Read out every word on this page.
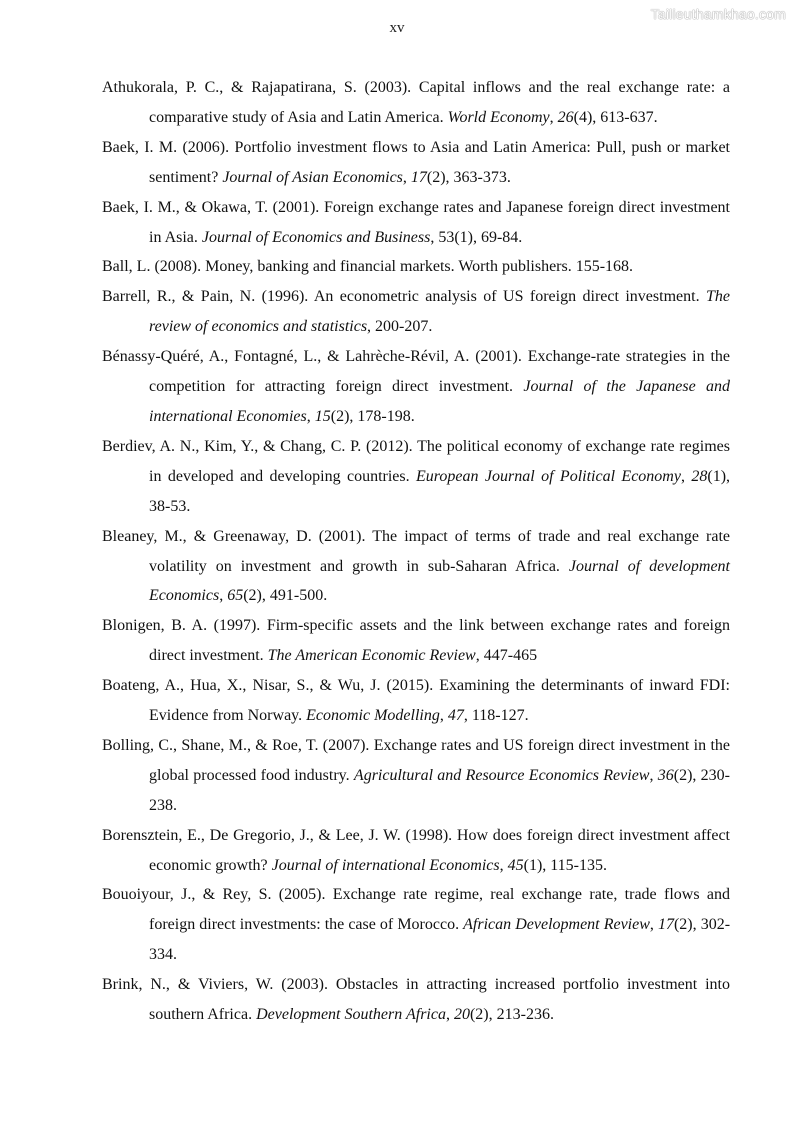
Tailieuthamkhao.com
xv

Athukorala, P. C., & Rajapatirana, S. (2003). Capital inflows and the real exchange rate: a comparative study of Asia and Latin America. World Economy, 26(4), 613-637.

Baek, I. M. (2006). Portfolio investment flows to Asia and Latin America: Pull, push or market sentiment? Journal of Asian Economics, 17(2), 363-373.

Baek, I. M., & Okawa, T. (2001). Foreign exchange rates and Japanese foreign direct investment in Asia. Journal of Economics and Business, 53(1), 69-84.

Ball, L. (2008). Money, banking and financial markets. Worth publishers. 155-168.

Barrell, R., & Pain, N. (1996). An econometric analysis of US foreign direct investment. The review of economics and statistics, 200-207.

Bénassy-Quéré, A., Fontagné, L., & Lahrèche-Révil, A. (2001). Exchange-rate strategies in the competition for attracting foreign direct investment. Journal of the Japanese and international Economies, 15(2), 178-198.

Berdiev, A. N., Kim, Y., & Chang, C. P. (2012). The political economy of exchange rate regimes in developed and developing countries. European Journal of Political Economy, 28(1), 38-53.

Bleaney, M., & Greenaway, D. (2001). The impact of terms of trade and real exchange rate volatility on investment and growth in sub-Saharan Africa. Journal of development Economics, 65(2), 491-500.

Blonigen, B. A. (1997). Firm-specific assets and the link between exchange rates and foreign direct investment. The American Economic Review, 447-465

Boateng, A., Hua, X., Nisar, S., & Wu, J. (2015). Examining the determinants of inward FDI: Evidence from Norway. Economic Modelling, 47, 118-127.

Bolling, C., Shane, M., & Roe, T. (2007). Exchange rates and US foreign direct investment in the global processed food industry. Agricultural and Resource Economics Review, 36(2), 230-238.

Borensztein, E., De Gregorio, J., & Lee, J. W. (1998). How does foreign direct investment affect economic growth? Journal of international Economics, 45(1), 115-135.

Bouoiyour, J., & Rey, S. (2005). Exchange rate regime, real exchange rate, trade flows and foreign direct investments: the case of Morocco. African Development Review, 17(2), 302-334.

Brink, N., & Viviers, W. (2003). Obstacles in attracting increased portfolio investment into southern Africa. Development Southern Africa, 20(2), 213-236.
